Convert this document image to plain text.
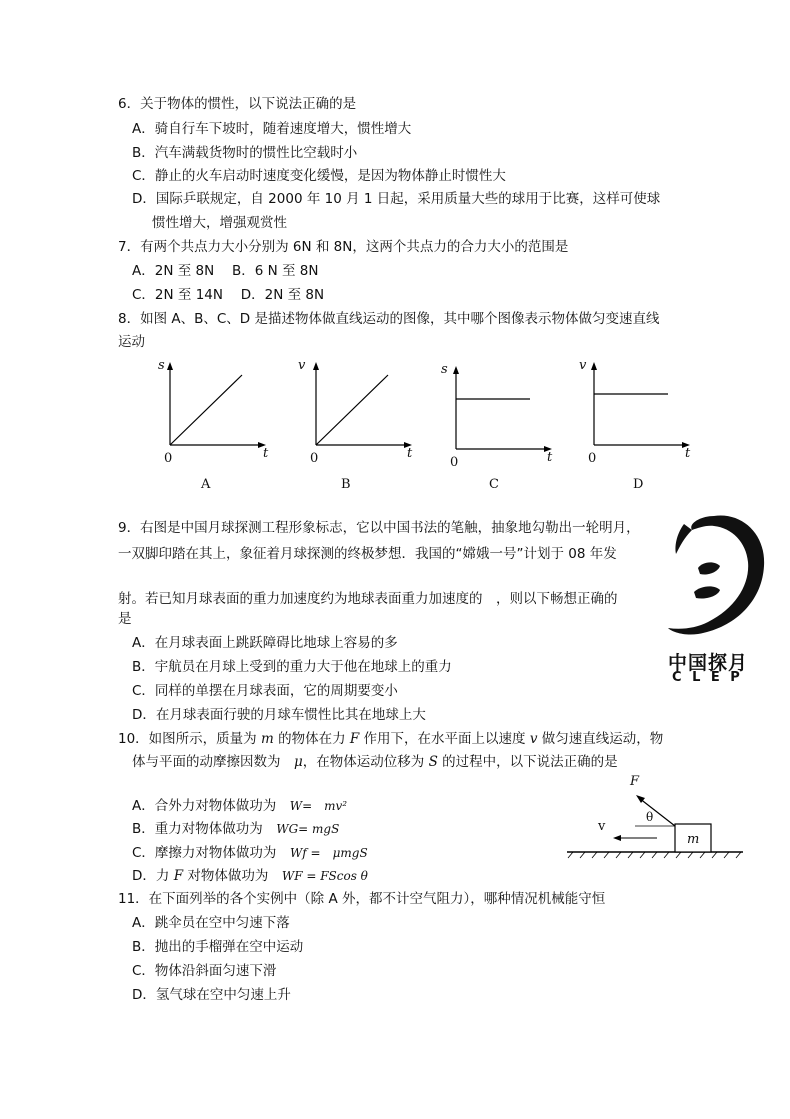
6．关于物体的惯性，以下说法正确的是
A．骑自行车下坡时，随着速度增大，惯性增大
B．汽车满载货物时的惯性比空载时小
C．静止的火车启动时速度变化缓慢，是因为物体静止时惯性大
D．国际乒联规定，自 2000 年 10 月 1 日起，采用质量大些的球用于比赛，这样可使球
惯性增大，增强观赏性
7．有两个共点力大小分别为 6N 和 8N，这两个共点力的合力大小的范围是
A．2N 至 8N　 B．6 N 至 8N
C．2N 至 14N　 D．2N 至 8N
8．如图 A、B、C、D 是描述物体做直线运动的图像，其中哪个图像表示物体做匀变速直线
运动
s
t
0
A
v
t
0
B
s
t
0
C
v
t
0
D
9．右图是中国月球探测工程形象标志，它以中国书法的笔触，抽象地勾勒出一轮明月，
一双脚印踏在其上，象征着月球探测的终极梦想．我国的“嫦娥一号”计划于 08 年发
射。若已知月球表面的重力加速度约为地球表面重力加速度的　，则以下畅想正确的
是
A．在月球表面上跳跃障碍比地球上容易的多
B．宇航员在月球上受到的重力大于他在地球上的重力
C．同样的单摆在月球表面，它的周期要变小
D．在月球表面行驶的月球车惯性比其在地球上大
中国探月
C L E P
10．如图所示，质量为 m 的物体在力 F 作用下，在水平面上以速度 v 做匀速直线运动，物
体与平面的动摩擦因数为　μ，在物体运动位移为 S 的过程中，以下说法正确的是
A．合外力对物体做功为　W=　mv²
B．重力对物体做功为　WG= mgS
C．摩擦力对物体做功为　Wf =　μmgS
D．力 F 对物体做功为　WF = FScos θ
F
θ
v
m
11．在下面列举的各个实例中（除 A 外，都不计空气阻力），哪种情况机械能守恒
A．跳伞员在空中匀速下落
B．抛出的手榴弹在空中运动
C．物体沿斜面匀速下滑
D．氢气球在空中匀速上升
